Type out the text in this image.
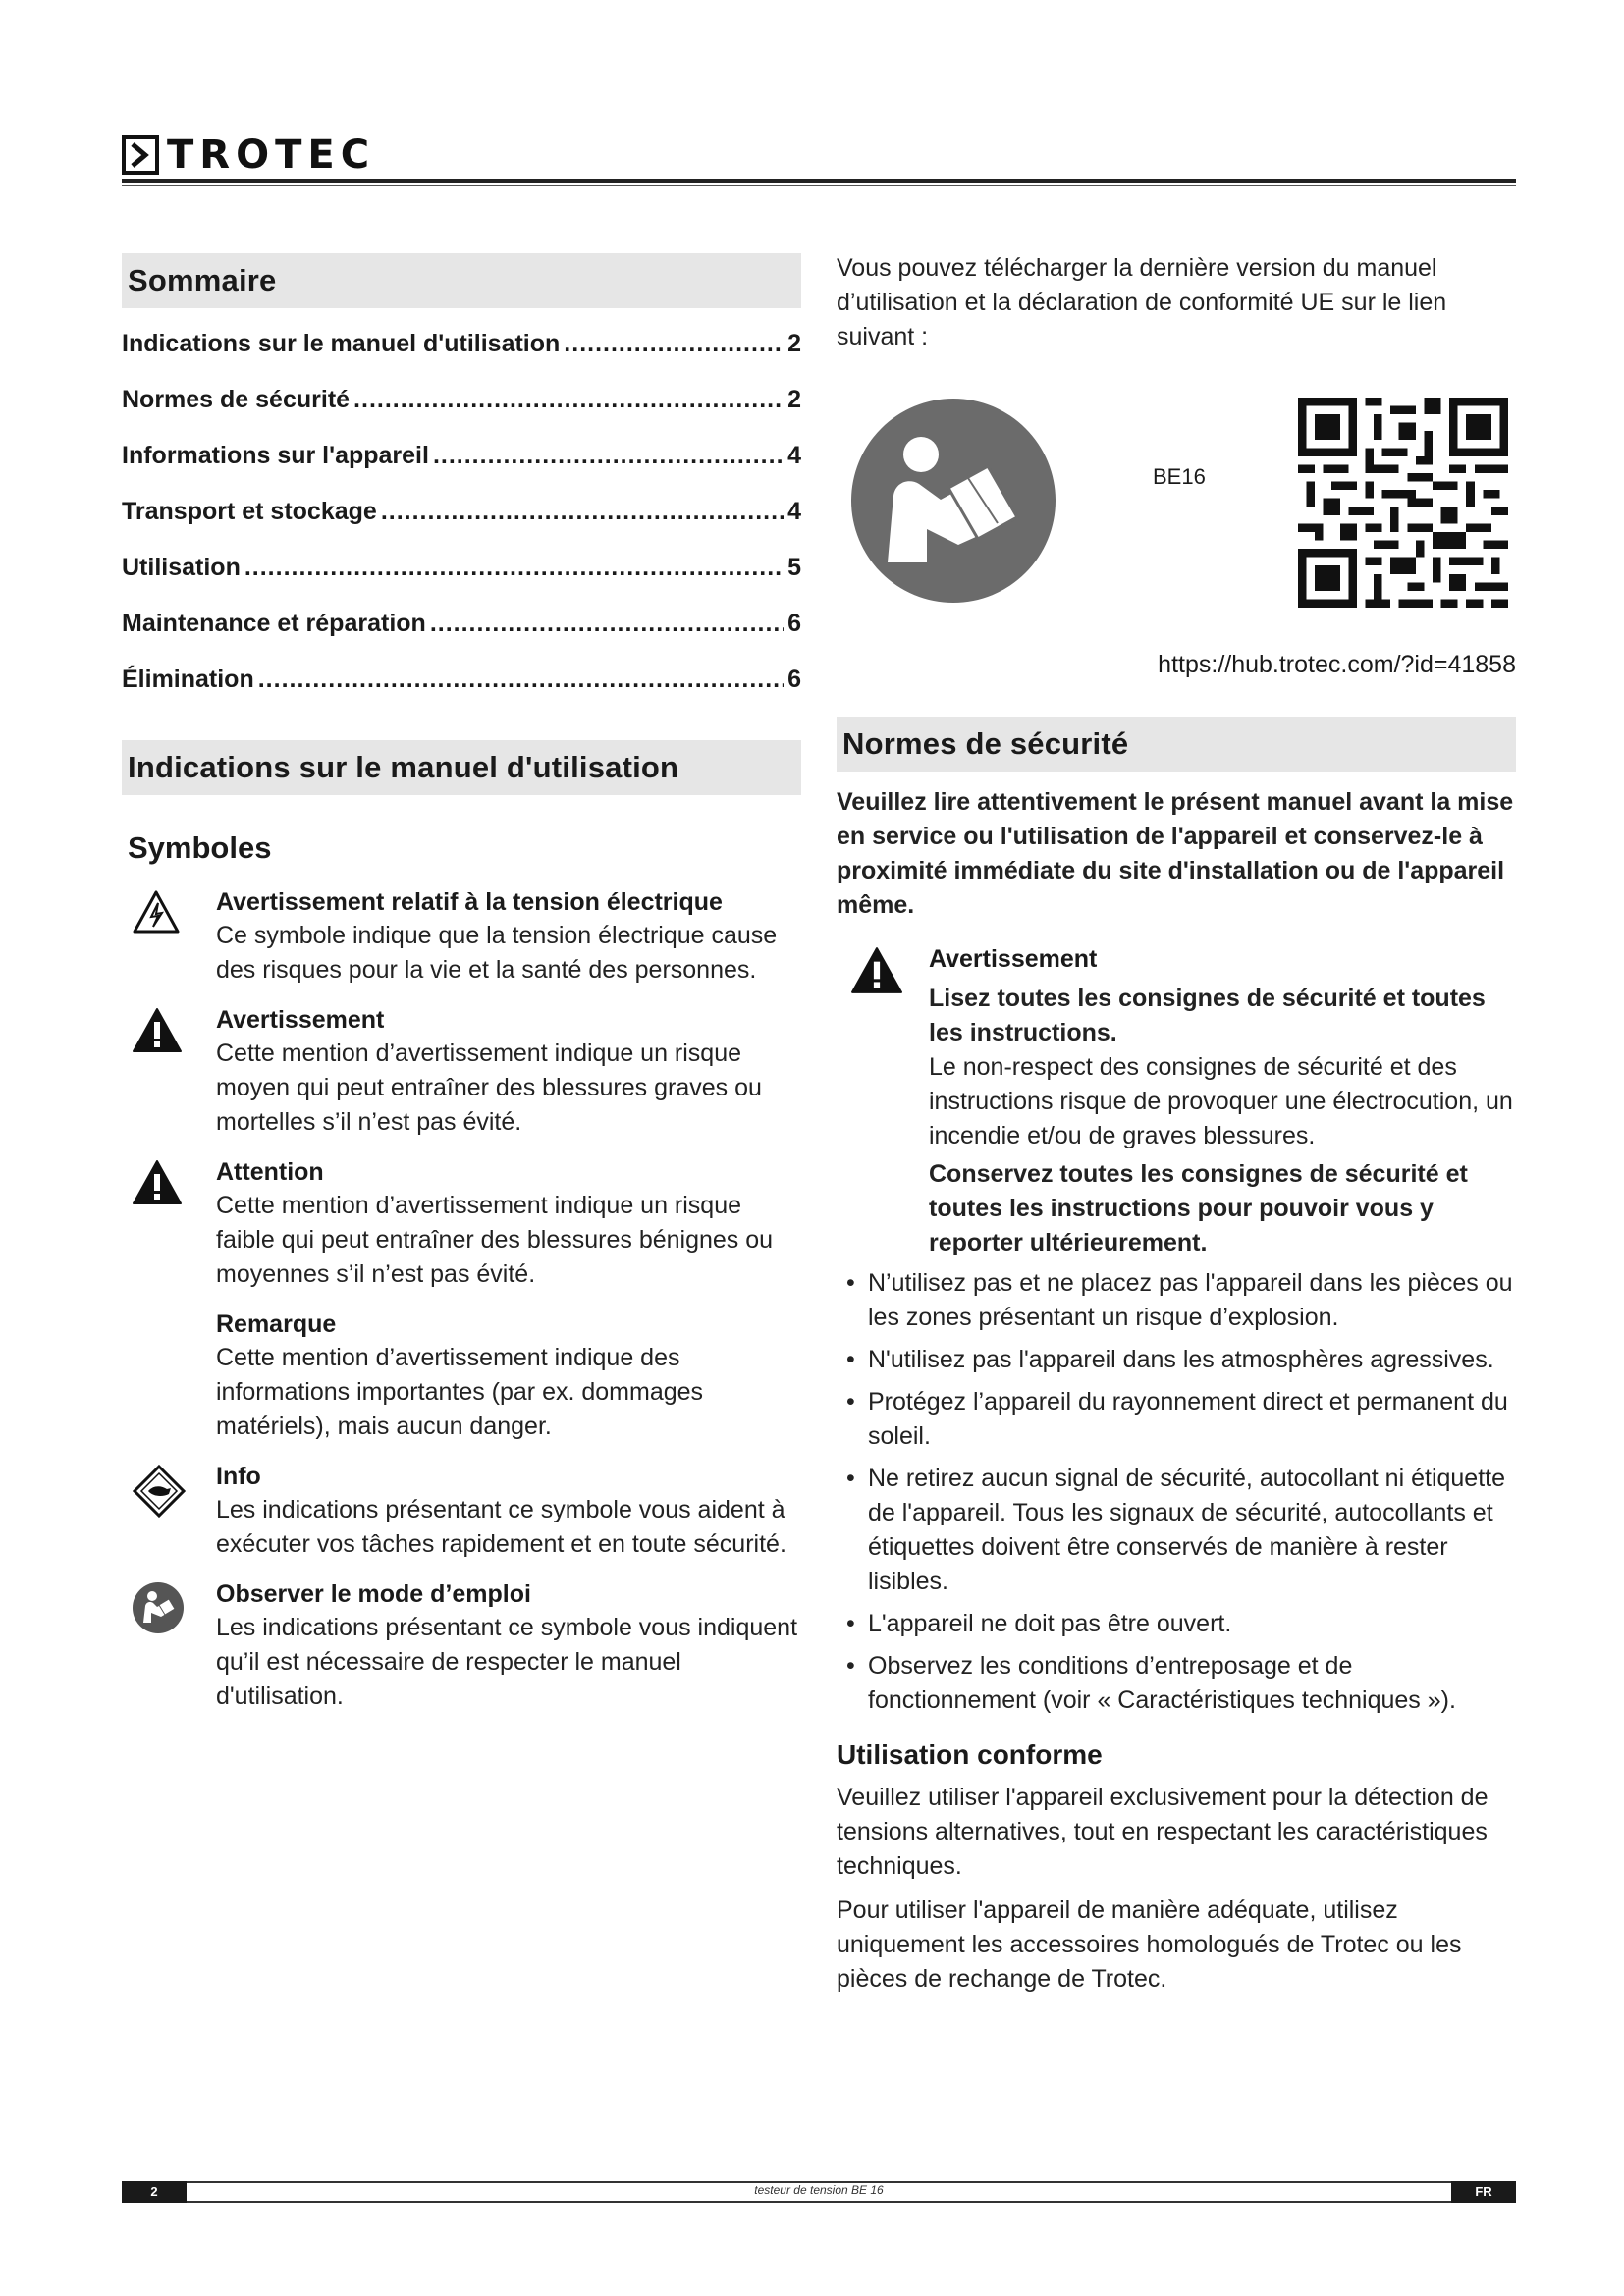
TROTEC
Sommaire
Indications sur le manuel d'utilisation .....	2
Normes de sécurité .....	2
Informations sur l'appareil .....	4
Transport et stockage .....	4
Utilisation .....	5
Maintenance et réparation .....	6
Élimination .....	6
Indications sur le manuel d'utilisation
Symboles
Avertissement relatif à la tension électrique
Ce symbole indique que la tension électrique cause des risques pour la vie et la santé des personnes.
Avertissement
Cette mention d’avertissement indique un risque moyen qui peut entraîner des blessures graves ou mortelles s’il n’est pas évité.
Attention
Cette mention d’avertissement indique un risque faible qui peut entraîner des blessures bénignes ou moyennes s’il n’est pas évité.
Remarque
Cette mention d’avertissement indique des informations importantes (par ex. dommages matériels), mais aucun danger.
Info
Les indications présentant ce symbole vous aident à exécuter vos tâches rapidement et en toute sécurité.
Observer le mode d’emploi
Les indications présentant ce symbole vous indiquent qu’il est nécessaire de respecter le manuel d'utilisation.

Vous pouvez télécharger la dernière version du manuel d’utilisation et la déclaration de conformité UE sur le lien suivant :

BE16
https://hub.trotec.com/?id=41858
Normes de sécurité

Veuillez lire attentivement le présent manuel avant la mise en service ou l'utilisation de l'appareil et conservez-le à proximité immédiate du site d'installation ou de l'appareil même.

Avertissement
Lisez toutes les consignes de sécurité et toutes les instructions.
Le non-respect des consignes de sécurité et des instructions risque de provoquer une électrocution, un incendie et/ou de graves blessures.
Conservez toutes les consignes de sécurité et toutes les instructions pour pouvoir vous y reporter ultérieurement.
• N’utilisez pas et ne placez pas l'appareil dans les pièces ou les zones présentant un risque d’explosion.
• N'utilisez pas l'appareil dans les atmosphères agressives.
• Protégez l’appareil du rayonnement direct et permanent du soleil.
• Ne retirez aucun signal de sécurité, autocollant ni étiquette de l'appareil. Tous les signaux de sécurité, autocollants et étiquettes doivent être conservés de manière à rester lisibles.
• L'appareil ne doit pas être ouvert.
• Observez les conditions d’entreposage et de fonctionnement (voir « Caractéristiques techniques »).
Utilisation conforme

Veuillez utiliser l'appareil exclusivement pour la détection de tensions alternatives, tout en respectant les caractéristiques techniques.

Pour utiliser l'appareil de manière adéquate, utilisez uniquement les accessoires homologués de Trotec ou les pièces de rechange de Trotec.

2	testeur de tension BE 16	FR
